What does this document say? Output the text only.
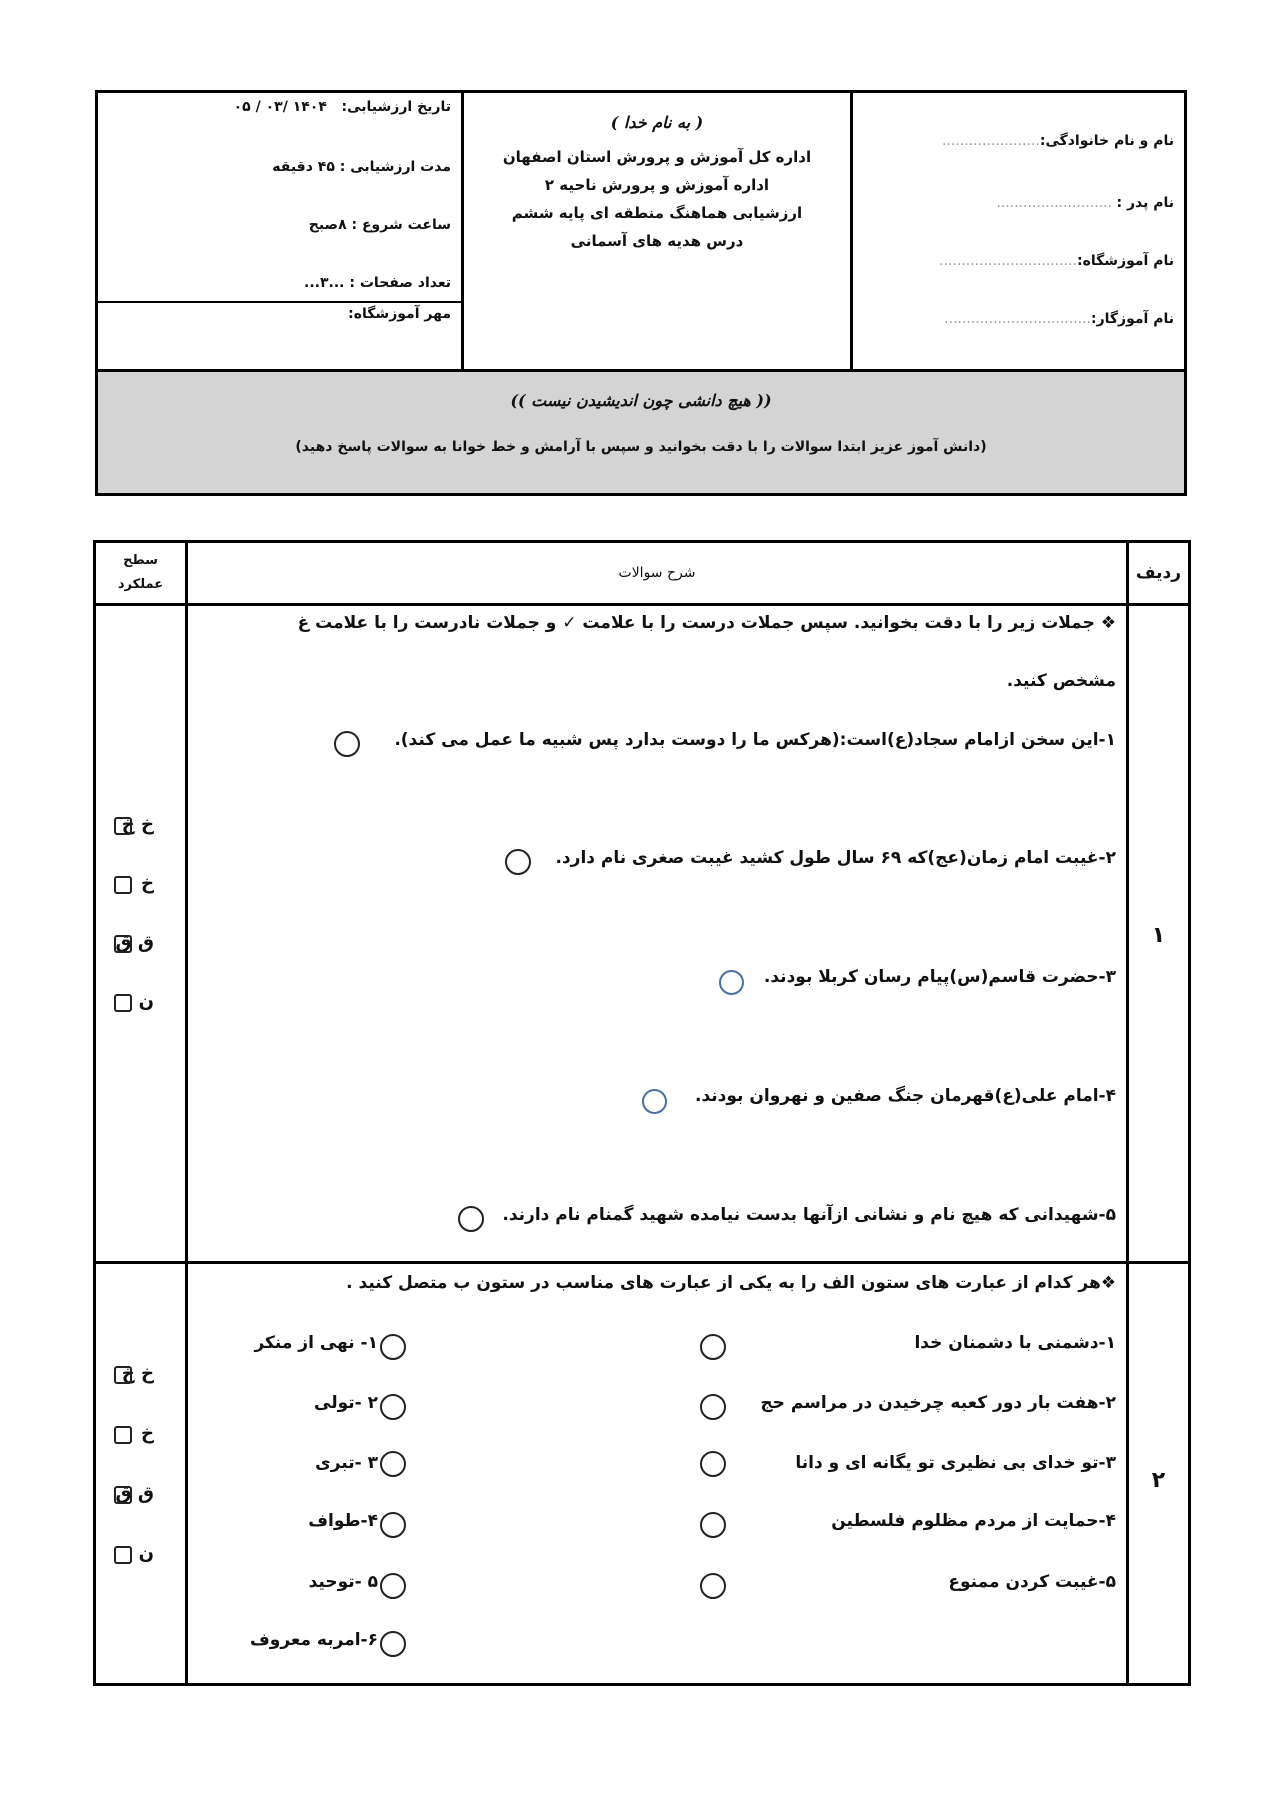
نام و نام خانوادگی:......................
نام پدر : ..........................
نام آموزشگاه:...............................
نام آموزگار:.................................
( به نام خدا )
اداره کل آموزش و پرورش استان اصفهان
اداره آموزش و پرورش ناحیه ۲
ارزشیابی هماهنگ منطقه ای پایه ششم
درس هدیه های آسمانی
تاریخ ارزشیابی:   ۱۴۰۴ /۰۳ / ۰۵
مدت ارزشیابی : ۴۵ دقیقه
ساعت شروع : ۸صبح
تعداد صفحات : ...۳...
مهر آموزشگاه:
(( هیچ دانشی چون اندیشیدن نیست ))
(دانش آموز عزیز ابتدا سوالات را با دقت بخوانید و سپس با آرامش و خط خوانا به سوالات پاسخ دهید)
ردیف
شرح سوالات
سطح
عملکرد
۱
❖ جملات زیر را با دقت بخوانید. سپس جملات درست را با علامت ✓ و جملات نادرست را با علامت غ
مشخص کنید.
۱-این سخن ازامام سجاد(ع)است:(هرکس ما را دوست بدارد پس شبیه ما عمل می کند).
۲-غیبت امام زمان(عج)که ۶۹ سال طول کشید غیبت صغری نام دارد.
۳-حضرت قاسم(س)پیام رسان کربلا بودند.
۴-امام علی(ع)قهرمان جنگ صفین و نهروان بودند.
۵-شهیدانی که هیچ نام و نشانی ازآنها بدست نیامده شهید گمنام نام دارند.
خ خ
خ
ق ق
ن
۲
❖هر کدام از عبارت های ستون الف را به یکی از عبارت های مناسب در ستون ب متصل کنید .
۱-دشمنی با دشمنان خدا
۲-هفت بار دور کعبه چرخیدن در مراسم حج
۳-تو خدای بی نظیری تو یگانه ای و دانا
۴-حمایت از مردم مظلوم فلسطین
۵-غیبت کردن ممنوع
۱- نهی از منکر
۲ -تولی
۳ -تبری
۴-طواف
۵ -توحید
۶-امربه معروف
خ خ
خ
ق ق
ن
